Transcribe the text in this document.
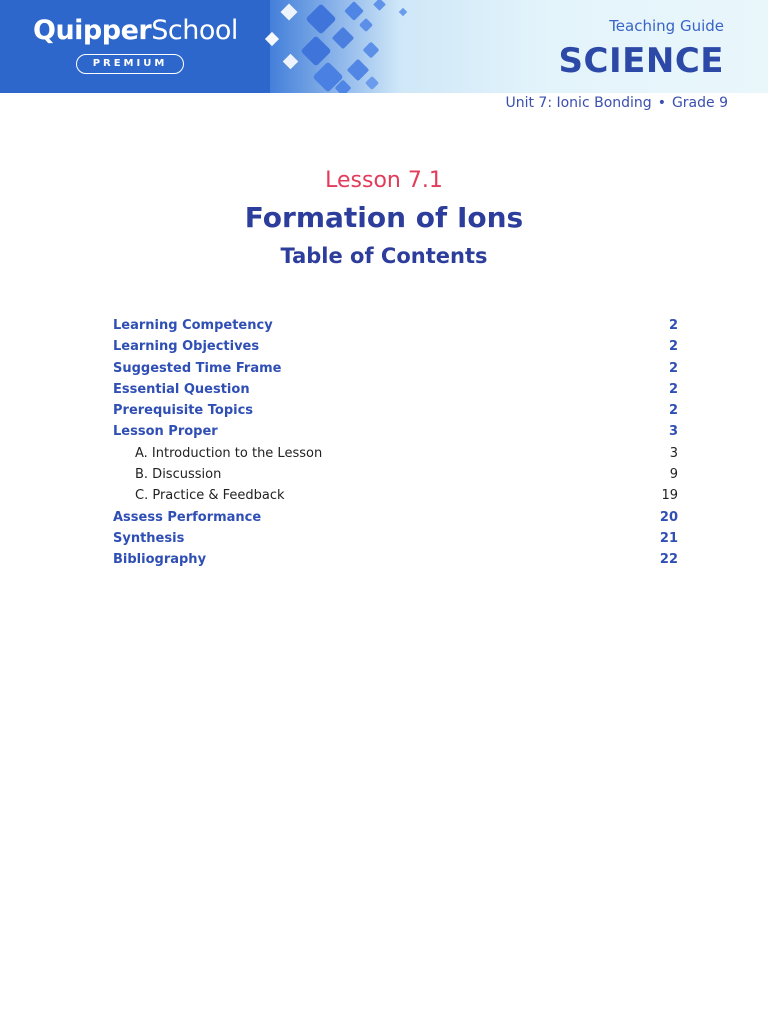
QuipperSchool
PREMIUM
Teaching Guide
SCIENCE
Unit 7: Ionic Bonding • Grade 9
Lesson 7.1
Formation of Ions
Table of Contents
Learning Competency	2
Learning Objectives	2
Suggested Time Frame	2
Essential Question	2
Prerequisite Topics	2
Lesson Proper	3
A. Introduction to the Lesson	3
B. Discussion	9
C. Practice & Feedback	19
Assess Performance	20
Synthesis	21
Bibliography	22
